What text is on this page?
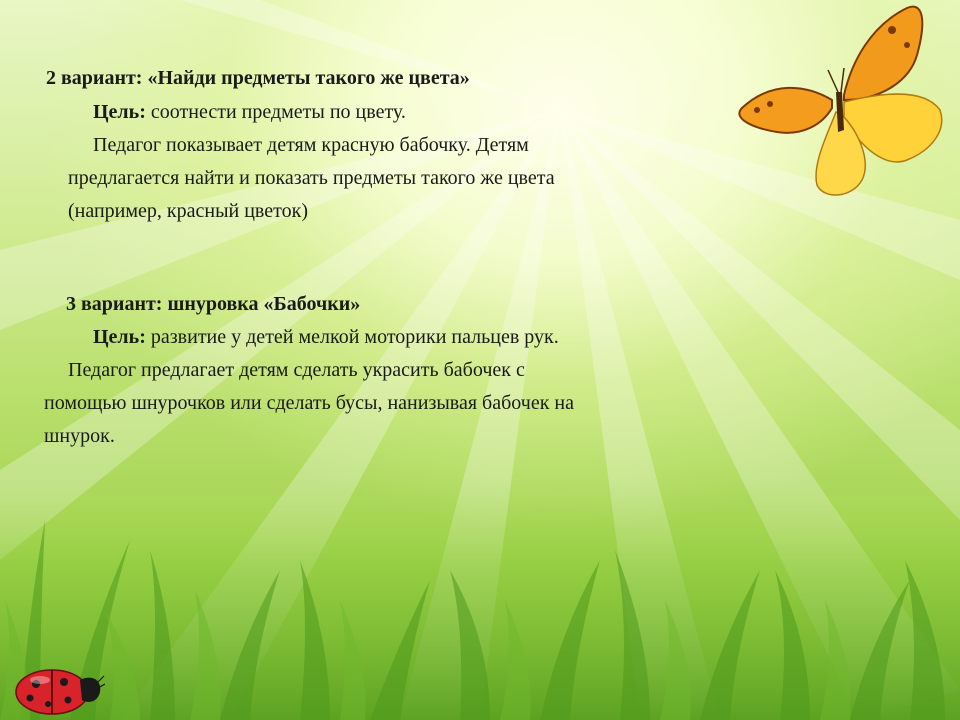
2 вариант: «Найди предметы такого же цвета»
Цель: соотнести предметы по цвету.
Педагог показывает детям красную бабочку. Детям
предлагается найти и показать предметы такого же цвета
(например, красный цветок)
3 вариант: шнуровка «Бабочки»
Цель: развитие у детей мелкой моторики пальцев рук.
Педагог предлагает детям сделать украсить бабочек с
помощью шнурочков или сделать бусы, нанизывая бабочек на
шнурок.
